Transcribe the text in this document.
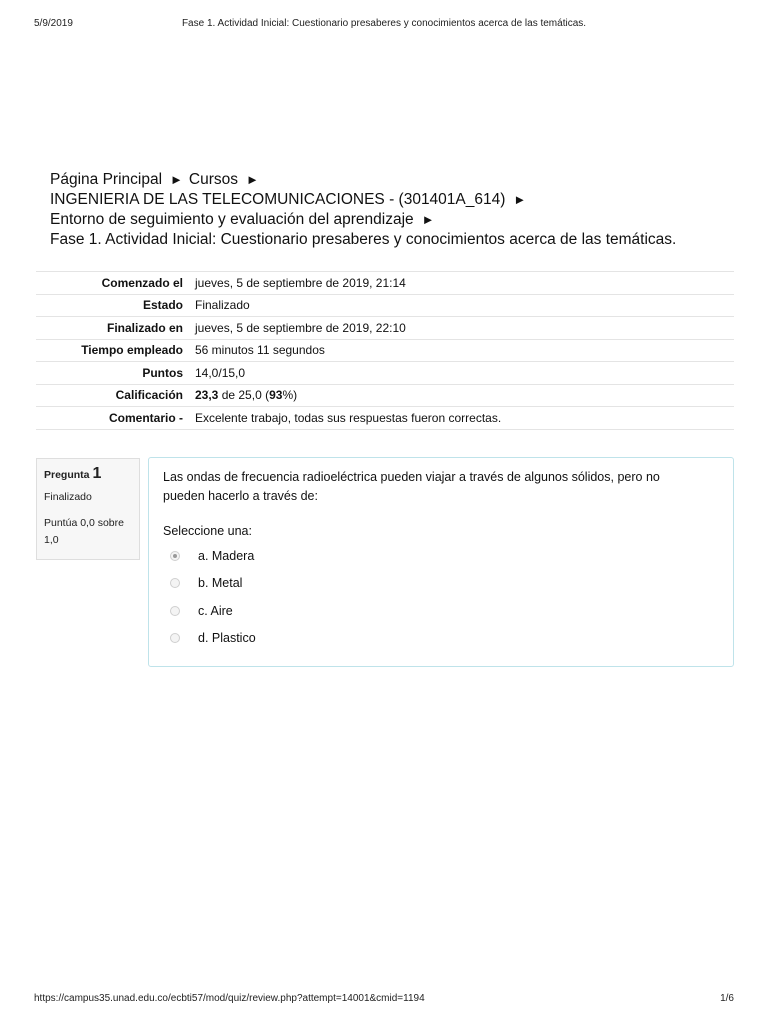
5/9/2019	Fase 1. Actividad Inicial: Cuestionario presaberes y conocimientos acerca de las temáticas.
Página Principal ► Cursos ►
INGENIERIA DE LAS TELECOMUNICACIONES - (301401A_614) ►
Entorno de seguimiento y evaluación del aprendizaje ►
Fase 1. Actividad Inicial: Cuestionario presaberes y conocimientos acerca de las temáticas.
Comenzado el	jueves, 5 de septiembre de 2019, 21:14
Estado	Finalizado
Finalizado en	jueves, 5 de septiembre de 2019, 22:10
Tiempo empleado	56 minutos 11 segundos
Puntos	14,0/15,0
Calificación	23,3 de 25,0 (93%)
Comentario -	Excelente trabajo, todas sus respuestas fueron correctas.
Pregunta 1
Finalizado
Puntúa 0,0 sobre 1,0
Las ondas de frecuencia radioeléctrica pueden viajar a través de algunos sólidos, pero no pueden hacerlo a través de:
Seleccione una:
a. Madera
b. Metal
c. Aire
d. Plastico
https://campus35.unad.edu.co/ecbti57/mod/quiz/review.php?attempt=14001&cmid=1194	1/6
